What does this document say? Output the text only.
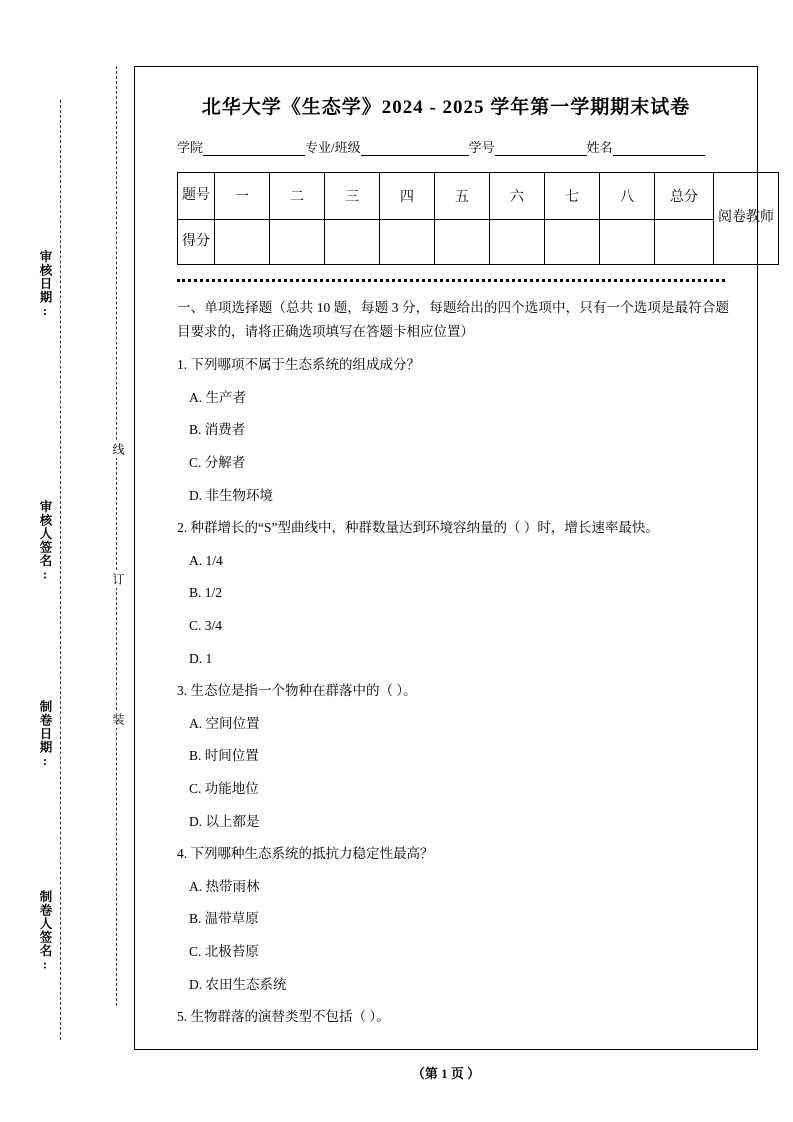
审核日期:
审核人签名:
制卷日期:
制卷人签名:
线
订
装
北华大学《生态学》2024 - 2025 学年第一学期期末试卷
学院	专业/班级	学号	姓名
题号	一	二	三	四	五	六	七	八	总分	阅卷教师
得分										
一、单项选择题（总共 10 题，每题 3 分，每题给出的四个选项中，只有一个选项是最符合题目要求的，请将正确选项填写在答题卡相应位置）
1. 下列哪项不属于生态系统的组成成分？
A. 生产者
B. 消费者
C. 分解者
D. 非生物环境
2. 种群增长的“S”型曲线中，种群数量达到环境容纳量的（ ）时，增长速率最快。
A. 1/4
B. 1/2
C. 3/4
D. 1
3. 生态位是指一个物种在群落中的（ ）。
A. 空间位置
B. 时间位置
C. 功能地位
D. 以上都是
4. 下列哪种生态系统的抵抗力稳定性最高？
A. 热带雨林
B. 温带草原
C. 北极苔原
D. 农田生态系统
5. 生物群落的演替类型不包括（ ）。
（第 1 页 ）
